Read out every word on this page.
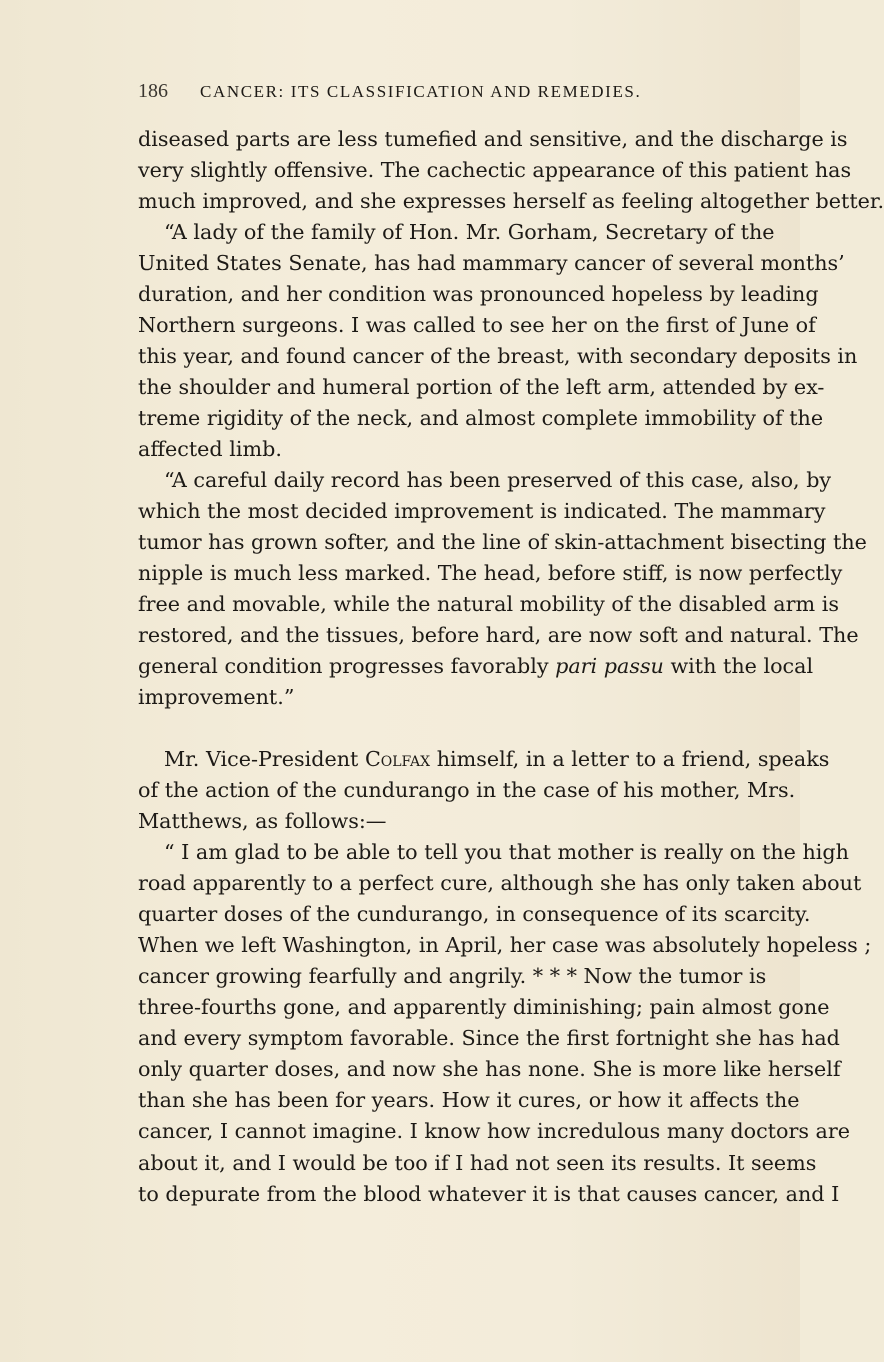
186 CANCER: ITS CLASSIFICATION AND REMEDIES.
diseased parts are less tumefied and sensitive, and the discharge is
very slightly offensive. The cachectic appearance of this patient has
much improved, and she expresses herself as feeling altogether better.
“A lady of the family of Hon. Mr. Gorham, Secretary of the
United States Senate, has had mammary cancer of several months’
duration, and her condition was pronounced hopeless by leading
Northern surgeons. I was called to see her on the first of June of
this year, and found cancer of the breast, with secondary deposits in
the shoulder and humeral portion of the left arm, attended by ex-
treme rigidity of the neck, and almost complete immobility of the
affected limb.
“A careful daily record has been preserved of this case, also, by
which the most decided improvement is indicated. The mammary
tumor has grown softer, and the line of skin-attachment bisecting the
nipple is much less marked. The head, before stiff, is now perfectly
free and movable, while the natural mobility of the disabled arm is
restored, and the tissues, before hard, are now soft and natural. The
general condition progresses favorably pari passu with the local
improvement.”
Mr. Vice-President Colfax himself, in a letter to a friend, speaks
of the action of the cundurango in the case of his mother, Mrs.
Matthews, as follows:—
“ I am glad to be able to tell you that mother is really on the high
road apparently to a perfect cure, although she has only taken about
quarter doses of the cundurango, in consequence of its scarcity.
When we left Washington, in April, her case was absolutely hopeless ;
cancer growing fearfully and angrily. * * * Now the tumor is
three-fourths gone, and apparently diminishing; pain almost gone
and every symptom favorable. Since the first fortnight she has had
only quarter doses, and now she has none. She is more like herself
than she has been for years. How it cures, or how it affects the
cancer, I cannot imagine. I know how incredulous many doctors are
about it, and I would be too if I had not seen its results. It seems
to depurate from the blood whatever it is that causes cancer, and I
